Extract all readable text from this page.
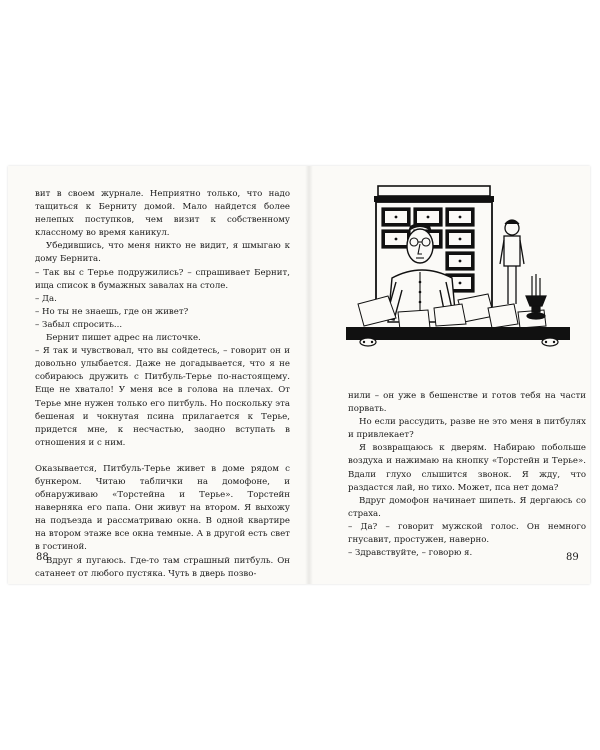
вит в своем журнале. Неприятно только, что надо тащиться к Берниту домой. Мало найдется более нелепых поступков, чем визит к собственному классному во время каникул.

Убедившись, что меня никто не видит, я шмыгаю к дому Бернита.

– Так вы с Терье подружились? – спрашивает Бернит, ища список в бумажных завалах на столе.

– Да.

– Но ты не знаешь, где он живет?

– Забыл спросить...

Бернит пишет адрес на листочке.

– Я так и чувствовал, что вы сойдетесь, – говорит он и довольно улыбается. Даже не догадывается, что я не собираюсь дружить с Питбуль-Терье по-настоящему. Еще не хватало! У меня все в голова на плечах. От Терье мне нужен только его питбуль. Но поскольку эта бешеная и чокнутая псина прилагается к Терье, придется мне, к несчастью, заодно вступать в отношения и с ним.

Оказывается, Питбуль-Терье живет в доме рядом с бункером. Читаю таблички на домофоне, и обнаруживаю «Торстейна и Терье». Торстейн наверняка его папа. Они живут на втором. Я выхожу на подъезда и рассматриваю окна. В одной квартире на втором этаже все окна темные. А в другой есть свет в гостиной.

Вдруг я пугаюсь. Где-то там страшный питбуль. Он сатанеет от любого пустяка. Чуть в дверь позво-

88

нили – он уже в бешенстве и готов тебя на части порвать.

Но если рассудить, разве не это меня в питбулях и привлекает?

Я возвращаюсь к дверям. Набираю побольше воздуха и нажимаю на кнопку «Торстейн и Терье». Вдали глухо слышится звонок. Я жду, что раздастся лай, но тихо. Может, пса нет дома?

Вдруг домофон начинает шипеть. Я дергаюсь со страха.

– Да? – говорит мужской голос. Он немного гнусавит, простужен, наверно.

– Здравствуйте, – говорю я.	89
